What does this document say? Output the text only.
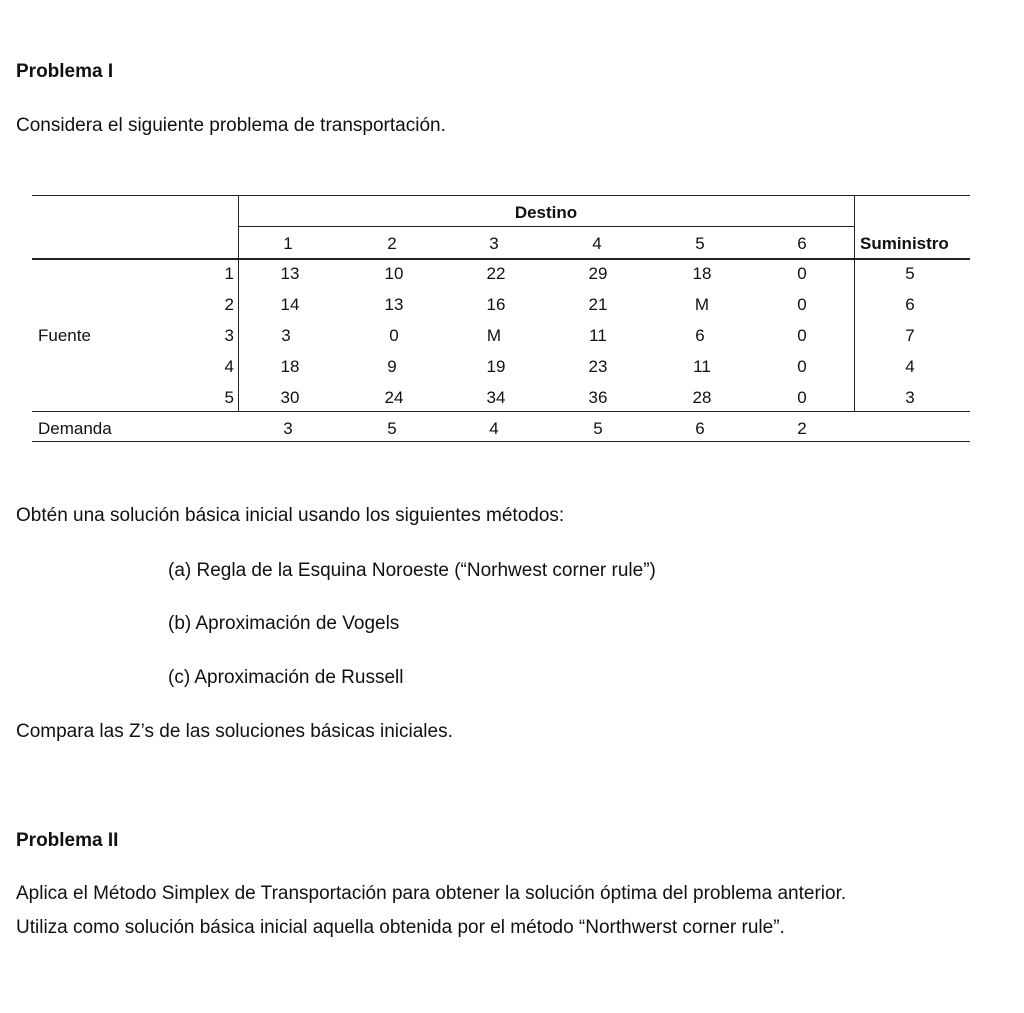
Problema I
Considera el siguiente problema de transportación.
Destino
Suministro
1	2	3	4	5	6
Fuente
1	13	10	22	29	18	0	5
2	14	13	16	21	M	0	6
3	3	0	M	11	6	0	7
4	18	9	19	23	11	0	4
5	30	24	34	36	28	0	3
Demanda	3	5	4	5	6	2
Obtén una solución básica inicial usando los siguientes métodos:
(a) Regla de la Esquina Noroeste (“Norhwest corner rule”)
(b) Aproximación de Vogels
(c) Aproximación de Russell
Compara las Z’s de las soluciones básicas iniciales.
Problema II
Aplica el Método Simplex de Transportación para obtener la solución óptima del problema anterior.
Utiliza como solución básica inicial aquella obtenida por el método “Northwerst corner rule”.
